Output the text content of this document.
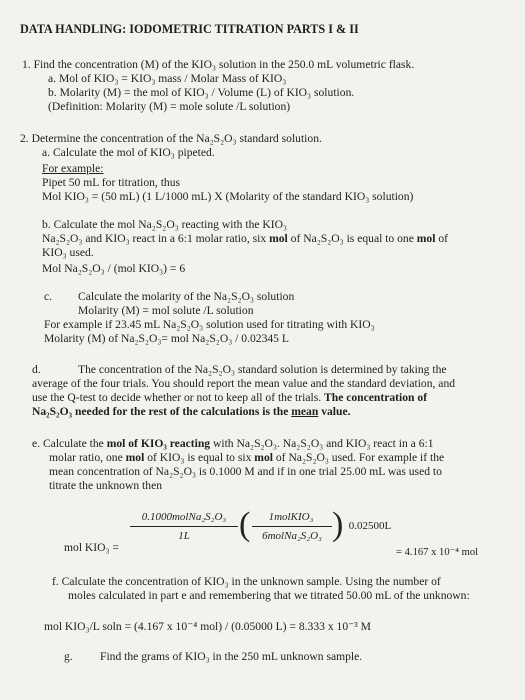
DATA HANDLING: IODOMETRIC TITRATION PARTS I & II
1. Find the concentration (M) of the KIO₃ solution in the 250.0 mL volumetric flask.
a. Mol of KIO₃ = KIO₃ mass / Molar Mass of KIO₃
b. Molarity (M) = the mol of KIO₃ / Volume (L) of KIO₃ solution.
(Definition: Molarity (M) = mole solute /L solution)
2. Determine the concentration of the Na₂S₂O₃ standard solution.
a. Calculate the mol of KIO₃ pipeted.
For example:
Pipet 50 mL for titration, thus
Mol KIO₃ = (50 mL) (1 L/1000 mL) X (Molarity of the standard KIO₃ solution)
b. Calculate the mol Na₂S₂O₃ reacting with the KIO₃
Na₂S₂O₃ and KIO₃ react in a 6:1 molar ratio, six mol of Na₂S₂O₃ is equal to one mol of
KIO₃ used.
Mol Na₂S₂O₃ / (mol KIO₃) = 6
c. Calculate the molarity of the Na₂S₂O₃ solution
Molarity (M) = mol solute /L solution
For example if 23.45 mL Na₂S₂O₃ solution used for titrating with KIO₃
Molarity (M) of Na₂S₂O₃= mol Na₂S₂O₃ / 0.02345 L
d.	The concentration of the Na₂S₂O₃ standard solution is determined by taking the
average of the four trials. You should report the mean value and the standard deviation, and
use the Q-test to decide whether or not to keep all of the trials. The concentration of
Na₂S₂O₃ needed for the rest of the calculations is the mean value.
e. Calculate the mol of KIO₃ reacting with Na₂S₂O₃. Na₂S₂O₃ and KIO₃ react in a 6:1
molar ratio, one mol of KIO₃ is equal to six mol of Na₂S₂O₃ used. For example if the
mean concentration of Na₂S₂O₃ is 0.1000 M and if in one trial 25.00 mL was used to
titrate the unknown then
mol KIO₃ =
0.1000molNa₂S₂O₃
1L	(	1molKIO₃
6molNa₂S₂O₃ ) 0.02500L
= 4.167 x 10⁻⁴ mol
f. Calculate the concentration of KIO₃ in the unknown sample. Using the number of
moles calculated in part e and remembering that we titrated 50.00 mL of the unknown:
mol KIO₃/L soln = (4.167 x 10⁻⁴ mol) / (0.05000 L) = 8.333 x 10⁻³ M
g. Find the grams of KIO₃ in the 250 mL unknown sample.
